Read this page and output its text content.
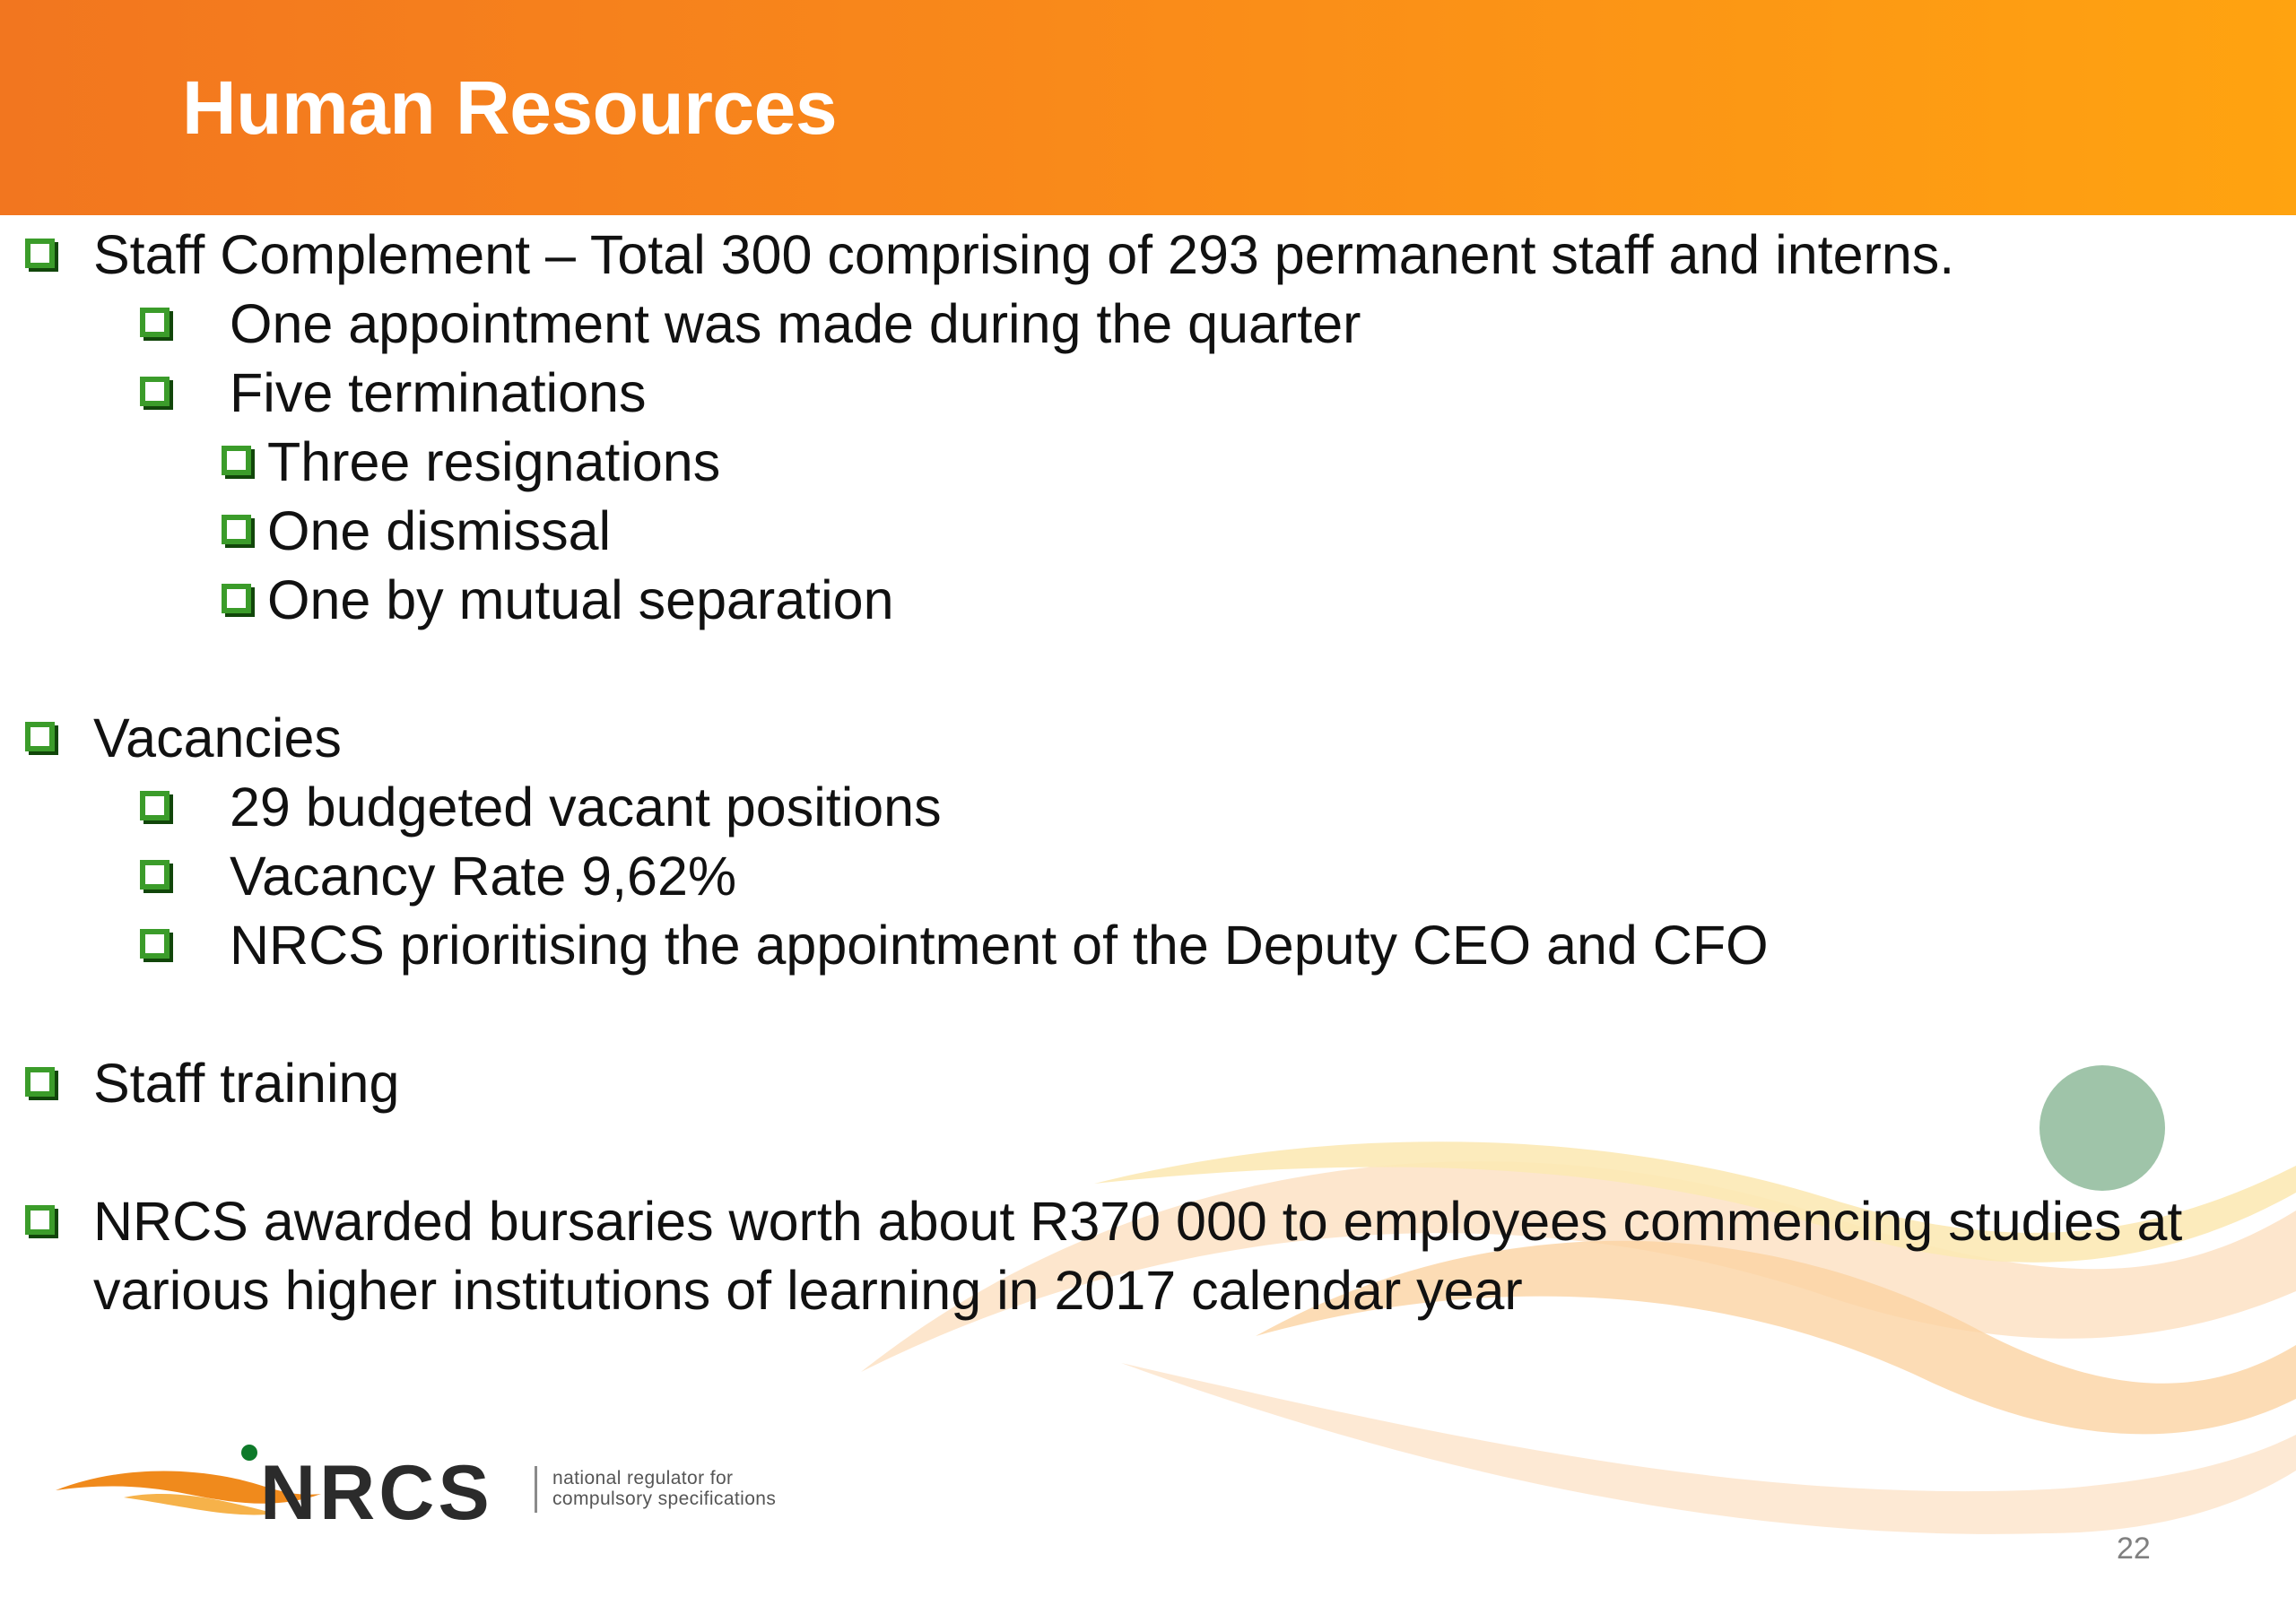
Human Resources
Staff Complement – Total 300 comprising of 293 permanent staff and interns.
One appointment was made during the quarter
Five terminations
Three resignations
One dismissal
One by mutual separation
Vacancies
29 budgeted vacant positions
Vacancy Rate 9,62%
NRCS prioritising the appointment of the Deputy CEO and CFO
Staff training
NRCS awarded bursaries worth about R370 000 to employees commencing studies at various higher institutions of learning in 2017 calendar year
NRCS	national regulator for
compulsory specifications
22
